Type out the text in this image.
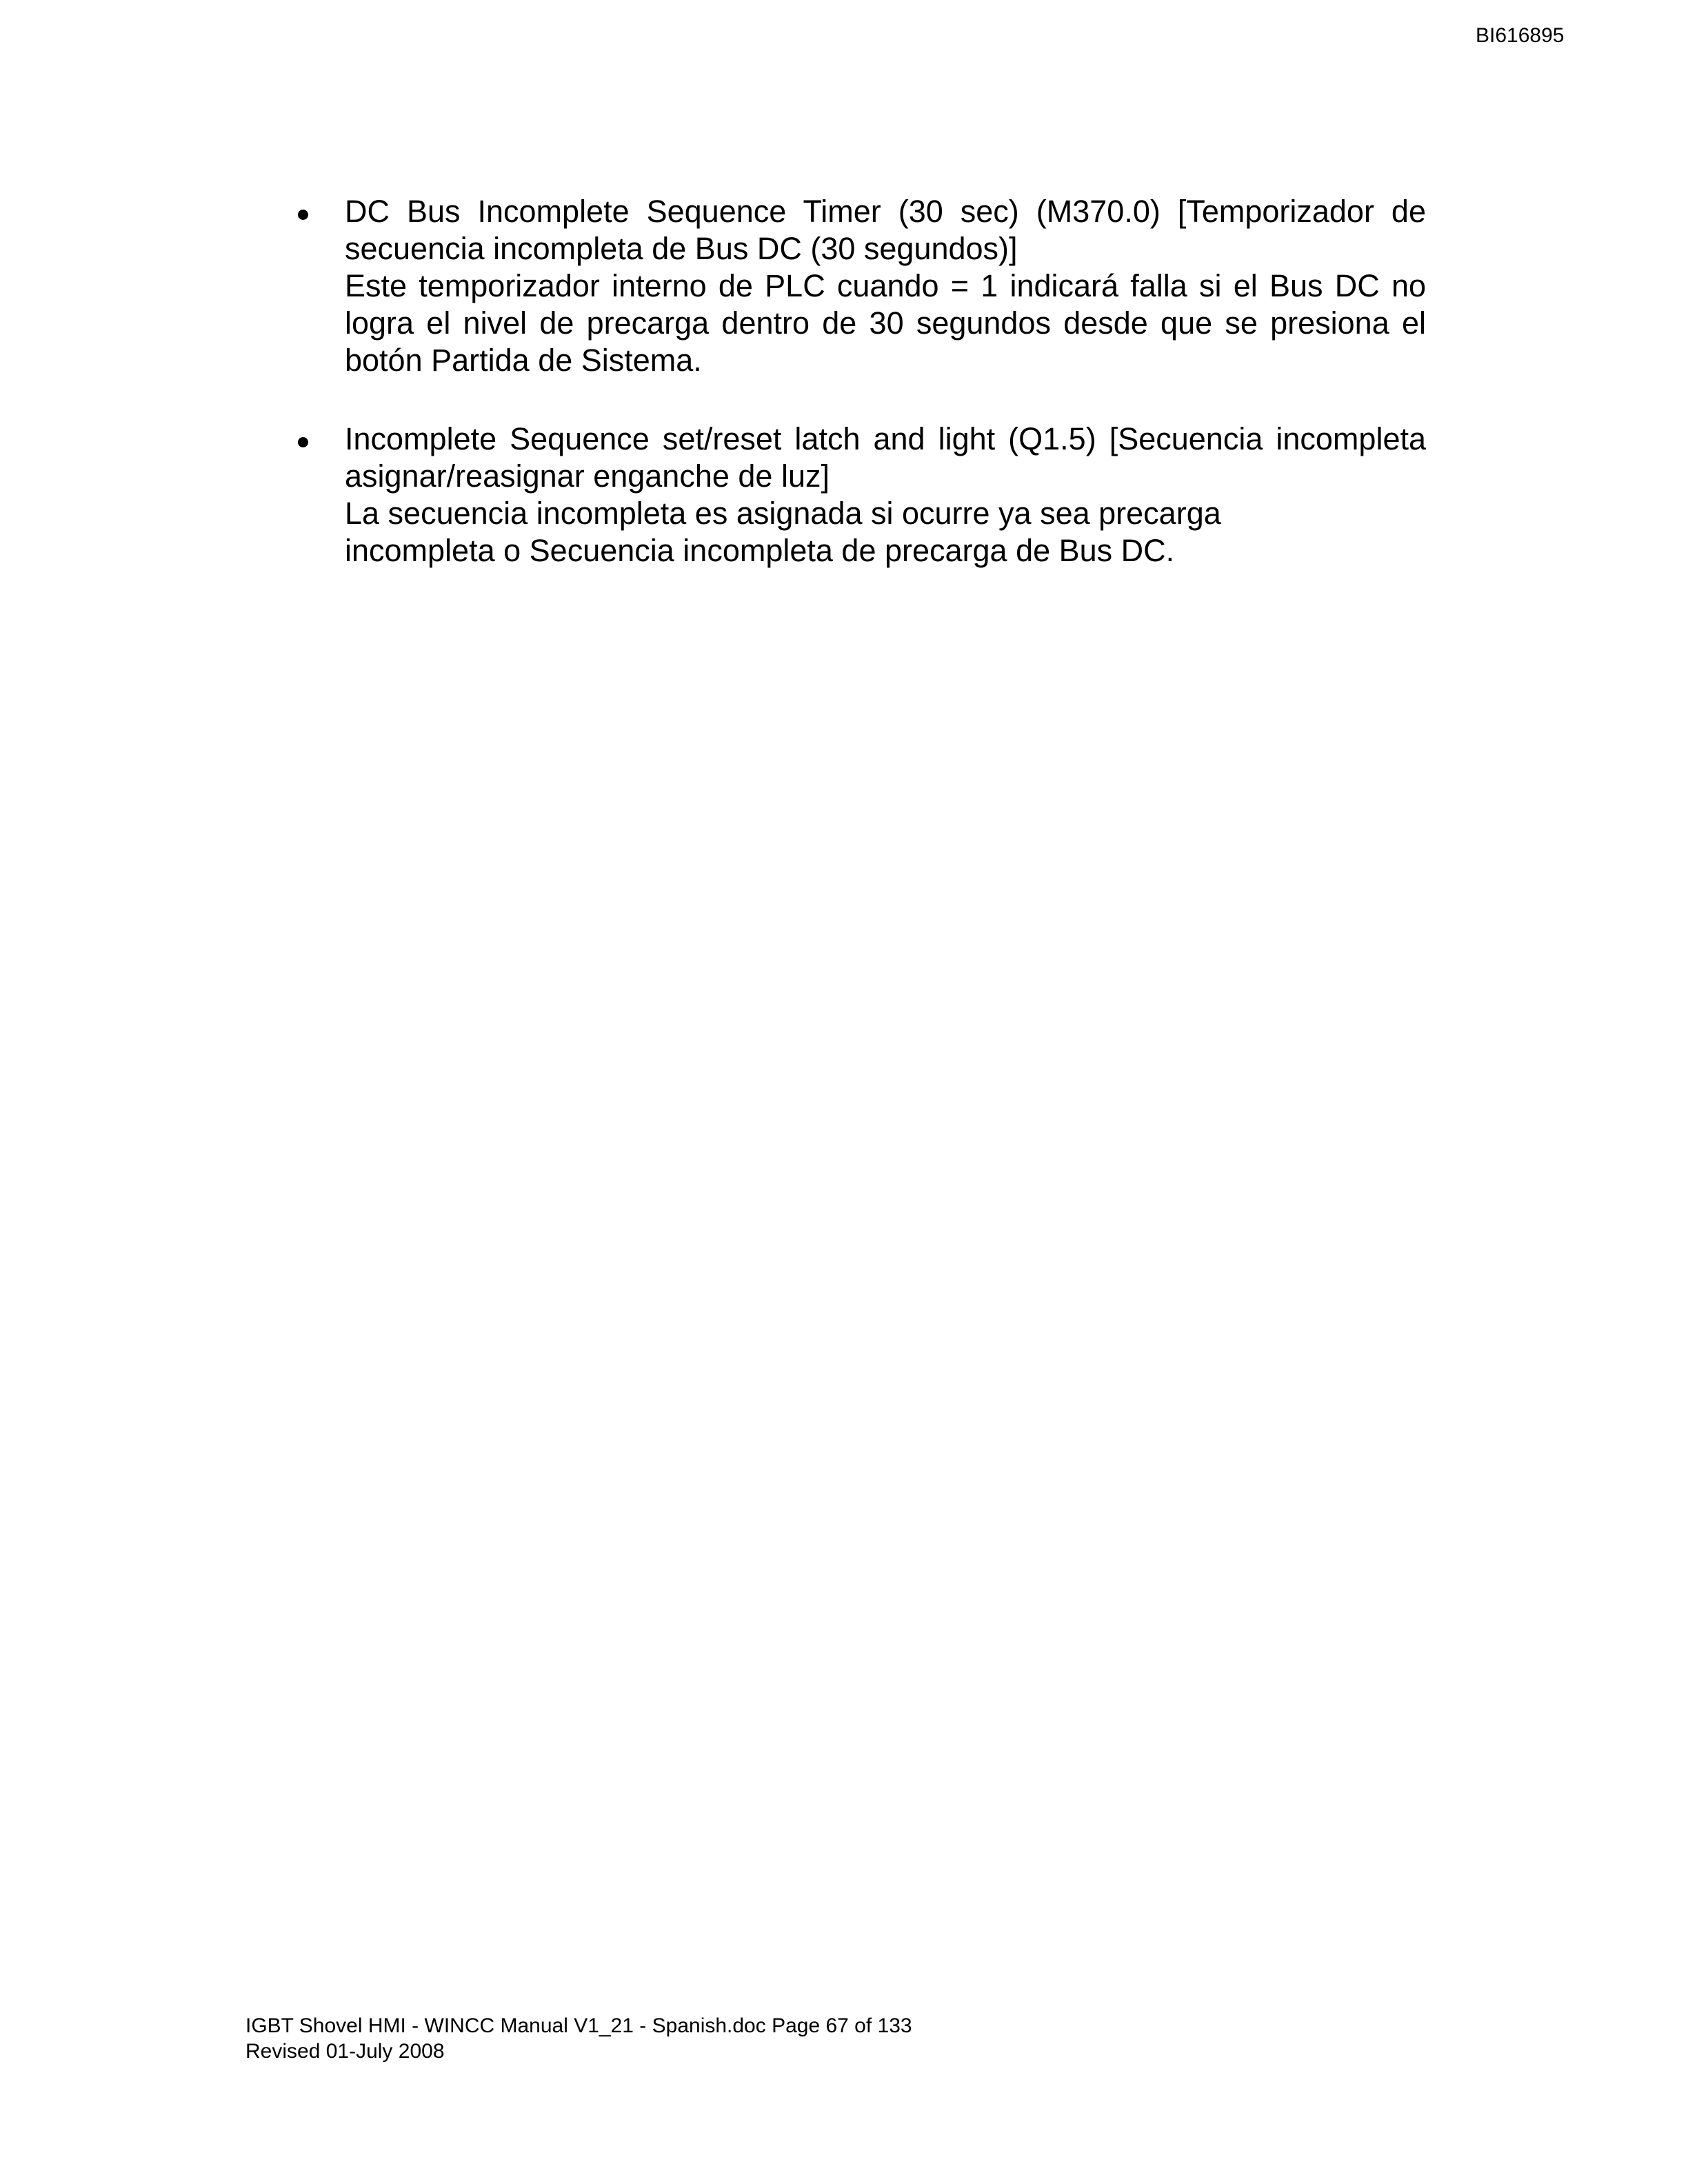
BI616895
DC Bus Incomplete Sequence Timer (30 sec) (M370.0) [Temporizador de secuencia incompleta de Bus DC (30 segundos)]
Este temporizador interno de PLC cuando = 1 indicará falla si el Bus DC no logra el nivel de precarga dentro de 30 segundos desde que se presiona el botón Partida de Sistema.
Incomplete Sequence set/reset latch and light (Q1.5) [Secuencia incompleta asignar/reasignar enganche de luz]
La secuencia incompleta es asignada si ocurre ya sea precarga
incompleta o Secuencia incompleta de precarga de Bus DC.
IGBT Shovel HMI - WINCC Manual V1_21 - Spanish.doc Page 67 of 133
Revised 01-July 2008
